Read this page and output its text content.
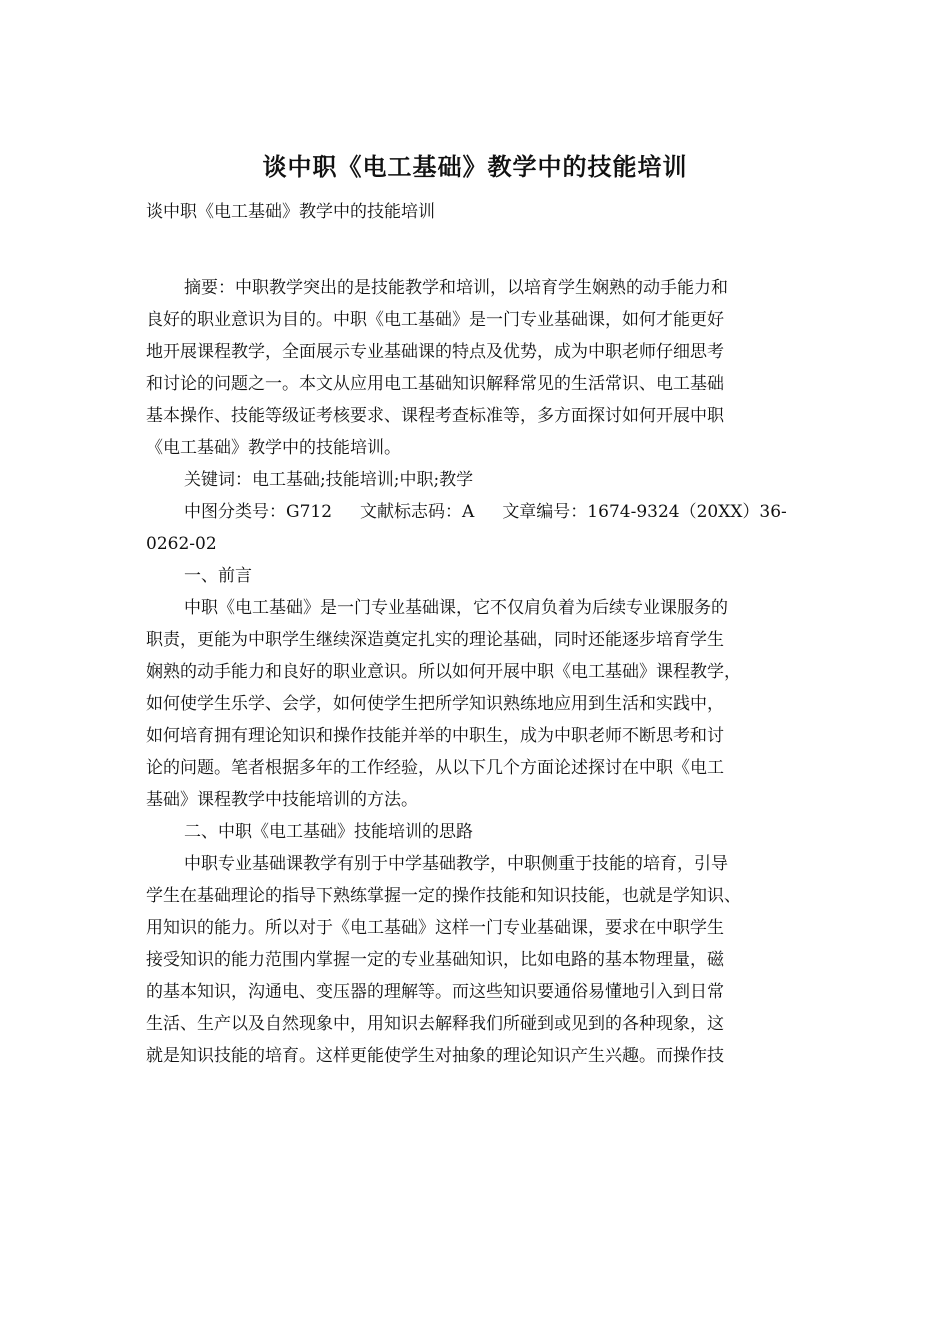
谈中职《电工基础》教学中的技能培训
谈中职《电工基础》教学中的技能培训
摘要：中职教学突出的是技能教学和培训，以培育学生娴熟的动手能力和
良好的职业意识为目的。中职《电工基础》是一门专业基础课，如何才能更好
地开展课程教学，全面展示专业基础课的特点及优势，成为中职老师仔细思考
和讨论的问题之一。本文从应用电工基础知识解释常见的生活常识、电工基础
基本操作、技能等级证考核要求、课程考查标准等，多方面探讨如何开展中职
《电工基础》教学中的技能培训。
关键词：电工基础;技能培训;中职;教学
中图分类号：G712 文献标志码：A 文章编号：1674-9324（20XX）36-
0262-02
一、前言
中职《电工基础》是一门专业基础课，它不仅肩负着为后续专业课服务的
职责，更能为中职学生继续深造奠定扎实的理论基础，同时还能逐步培育学生
娴熟的动手能力和良好的职业意识。所以如何开展中职《电工基础》课程教学，
如何使学生乐学、会学，如何使学生把所学知识熟练地应用到生活和实践中，
如何培育拥有理论知识和操作技能并举的中职生，成为中职老师不断思考和讨
论的问题。笔者根据多年的工作经验，从以下几个方面论述探讨在中职《电工
基础》课程教学中技能培训的方法。
二、中职《电工基础》技能培训的思路
中职专业基础课教学有别于中学基础教学，中职侧重于技能的培育，引导
学生在基础理论的指导下熟练掌握一定的操作技能和知识技能，也就是学知识、
用知识的能力。所以对于《电工基础》这样一门专业基础课，要求在中职学生
接受知识的能力范围内掌握一定的专业基础知识，比如电路的基本物理量，磁
的基本知识，沟通电、变压器的理解等。而这些知识要通俗易懂地引入到日常
生活、生产以及自然现象中，用知识去解释我们所碰到或见到的各种现象，这
就是知识技能的培育。这样更能使学生对抽象的理论知识产生兴趣。而操作技
